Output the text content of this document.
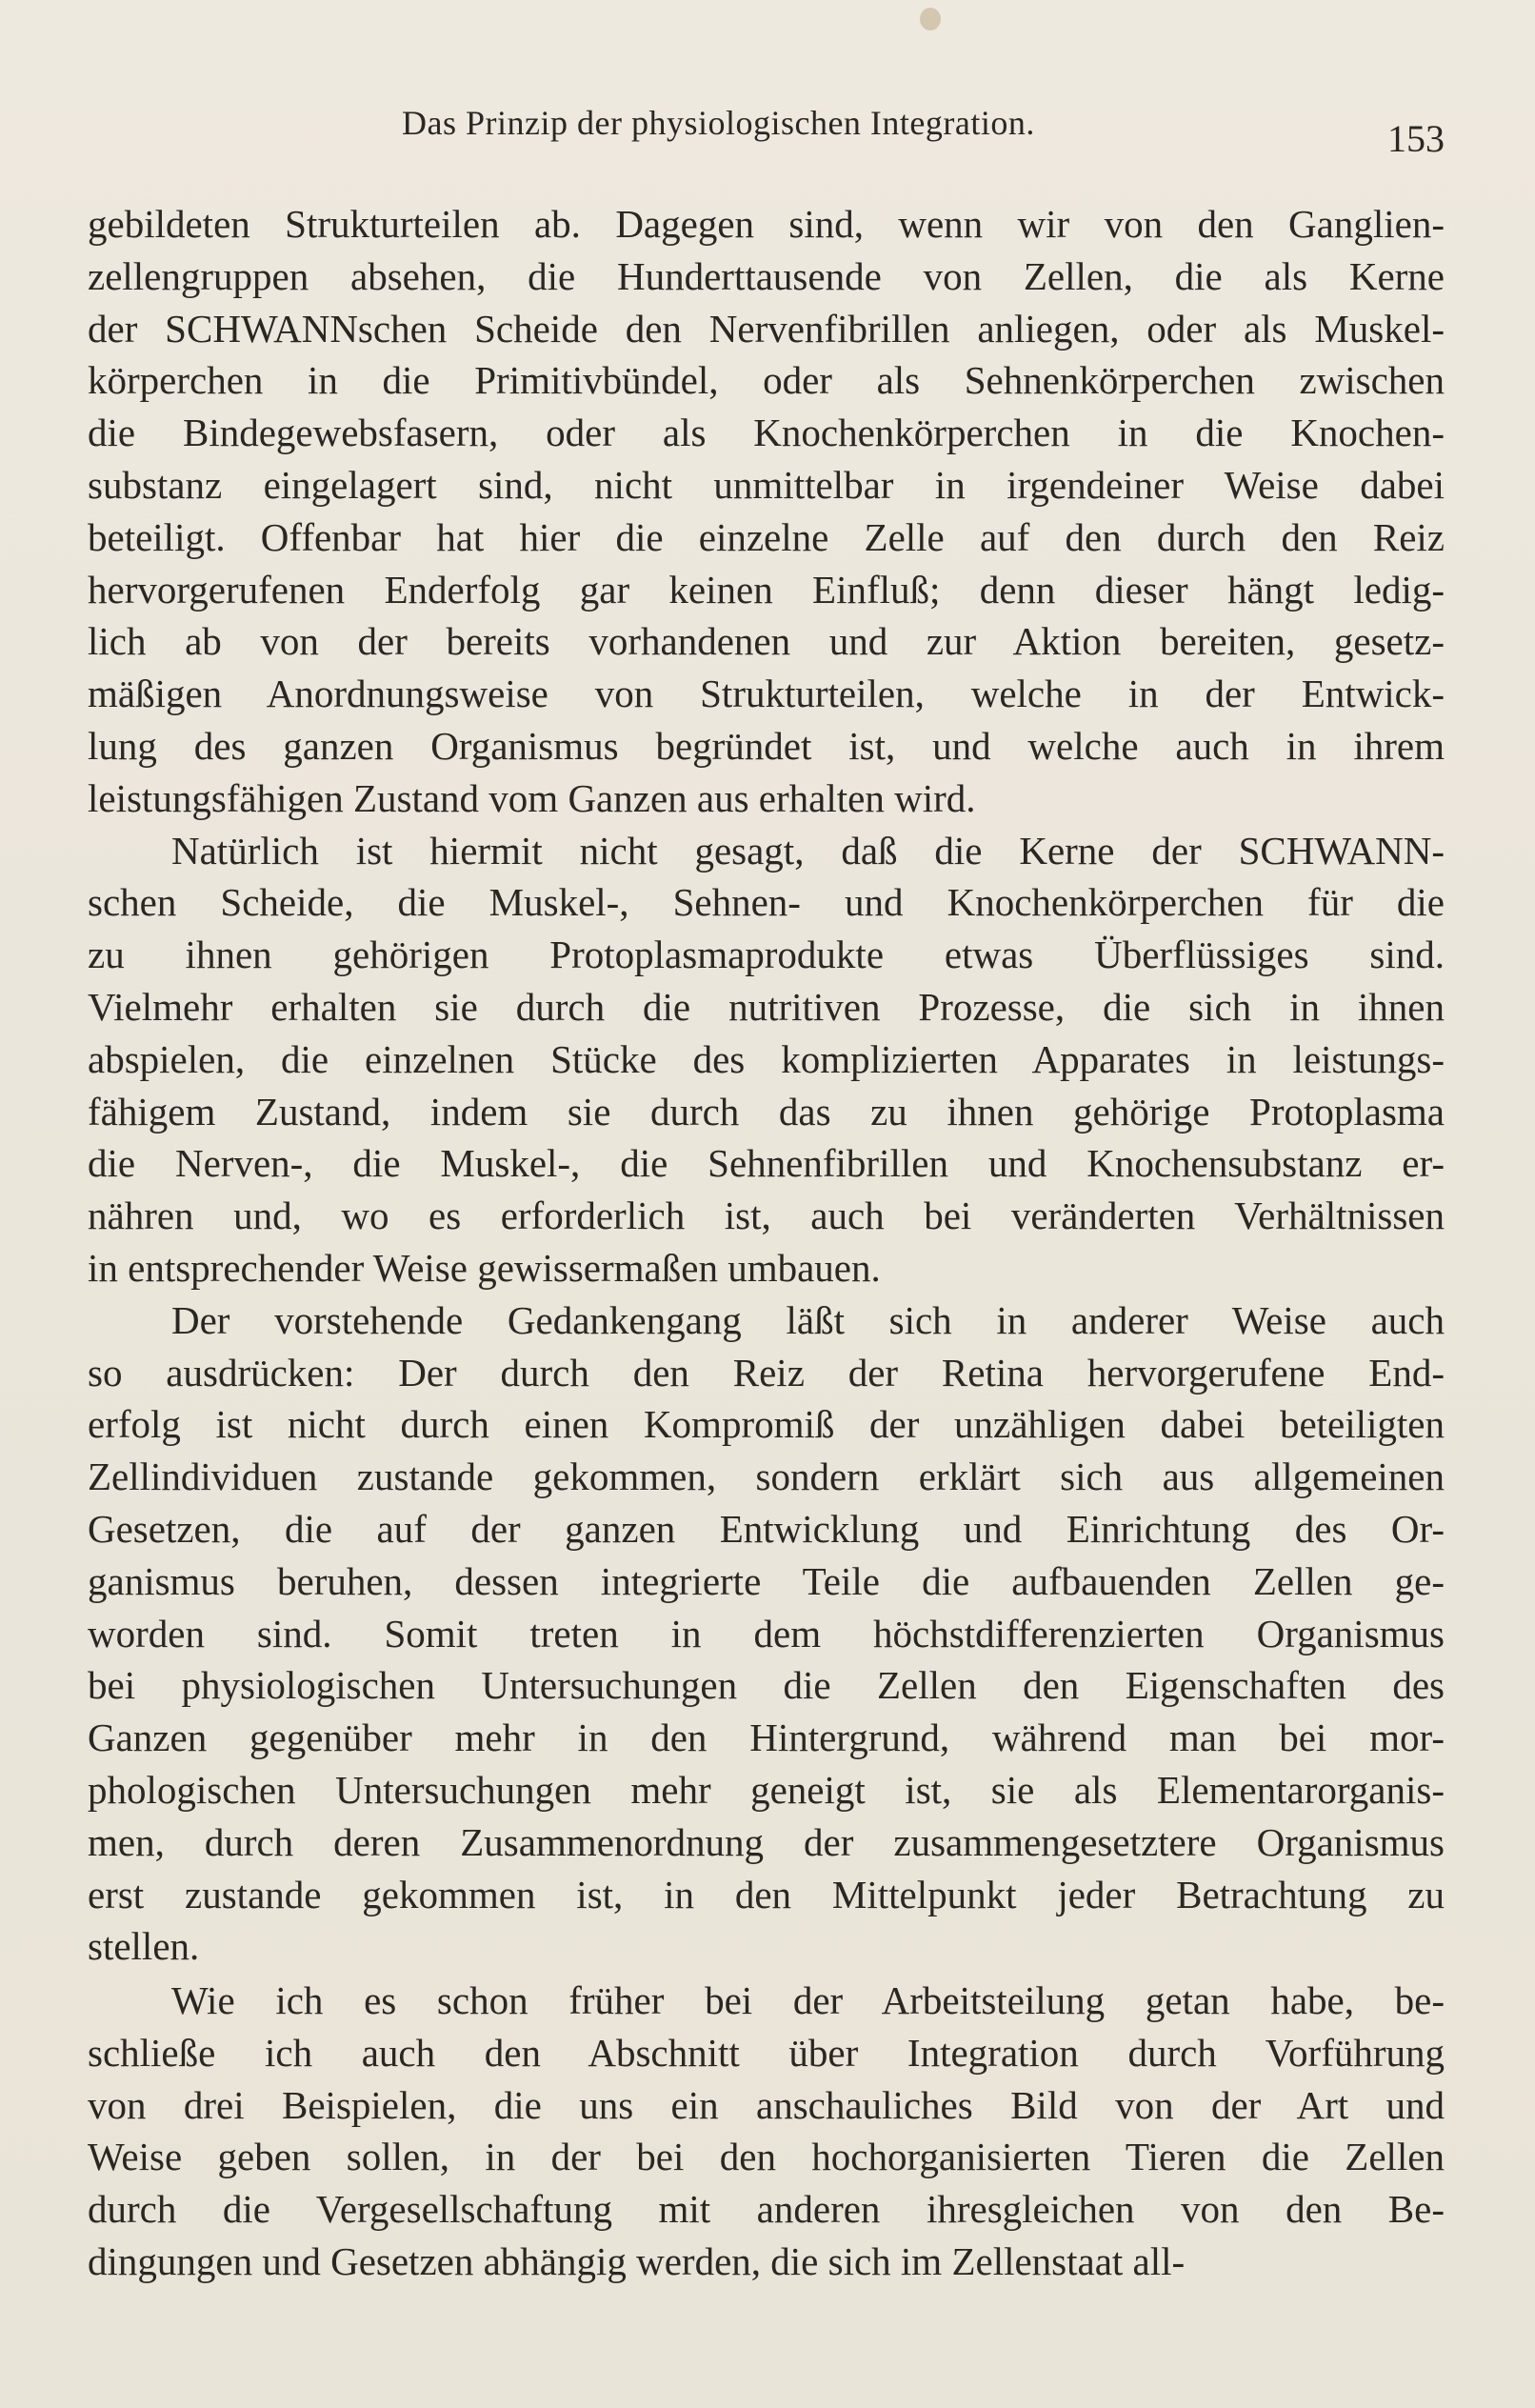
Das Prinzip der physiologischen Integration.	153
gebildeten Strukturteilen ab. Dagegen sind, wenn wir von den Ganglien-
zellengruppen absehen, die Hunderttausende von Zellen, die als Kerne
der SCHWANNschen Scheide den Nervenfibrillen anliegen, oder als Muskel-
körperchen in die Primitivbündel, oder als Sehnenkörperchen zwischen
die Bindegewebsfasern, oder als Knochenkörperchen in die Knochen-
substanz eingelagert sind, nicht unmittelbar in irgendeiner Weise dabei
beteiligt. Offenbar hat hier die einzelne Zelle auf den durch den Reiz
hervorgerufenen Enderfolg gar keinen Einfluß; denn dieser hängt ledig-
lich ab von der bereits vorhandenen und zur Aktion bereiten, gesetz-
mäßigen Anordnungsweise von Strukturteilen, welche in der Entwick-
lung des ganzen Organismus begründet ist, und welche auch in ihrem
leistungsfähigen Zustand vom Ganzen aus erhalten wird.
Natürlich ist hiermit nicht gesagt, daß die Kerne der SCHWANN-
schen Scheide, die Muskel-, Sehnen- und Knochenkörperchen für die
zu ihnen gehörigen Protoplasmaprodukte etwas Überflüssiges sind.
Vielmehr erhalten sie durch die nutritiven Prozesse, die sich in ihnen
abspielen, die einzelnen Stücke des komplizierten Apparates in leistungs-
fähigem Zustand, indem sie durch das zu ihnen gehörige Protoplasma
die Nerven-, die Muskel-, die Sehnenfibrillen und Knochensubstanz er-
nähren und, wo es erforderlich ist, auch bei veränderten Verhältnissen
in entsprechender Weise gewissermaßen umbauen.
Der vorstehende Gedankengang läßt sich in anderer Weise auch
so ausdrücken: Der durch den Reiz der Retina hervorgerufene End-
erfolg ist nicht durch einen Kompromiß der unzähligen dabei beteiligten
Zellindividuen zustande gekommen, sondern erklärt sich aus allgemeinen
Gesetzen, die auf der ganzen Entwicklung und Einrichtung des Or-
ganismus beruhen, dessen integrierte Teile die aufbauenden Zellen ge-
worden sind. Somit treten in dem höchstdifferenzierten Organismus
bei physiologischen Untersuchungen die Zellen den Eigenschaften des
Ganzen gegenüber mehr in den Hintergrund, während man bei mor-
phologischen Untersuchungen mehr geneigt ist, sie als Elementarorganis-
men, durch deren Zusammenordnung der zusammengesetztere Organismus
erst zustande gekommen ist, in den Mittelpunkt jeder Betrachtung zu
stellen.
Wie ich es schon früher bei der Arbeitsteilung getan habe, be-
schließe ich auch den Abschnitt über Integration durch Vorführung
von drei Beispielen, die uns ein anschauliches Bild von der Art und
Weise geben sollen, in der bei den hochorganisierten Tieren die Zellen
durch die Vergesellschaftung mit anderen ihresgleichen von den Be-
dingungen und Gesetzen abhängig werden, die sich im Zellenstaat all-
